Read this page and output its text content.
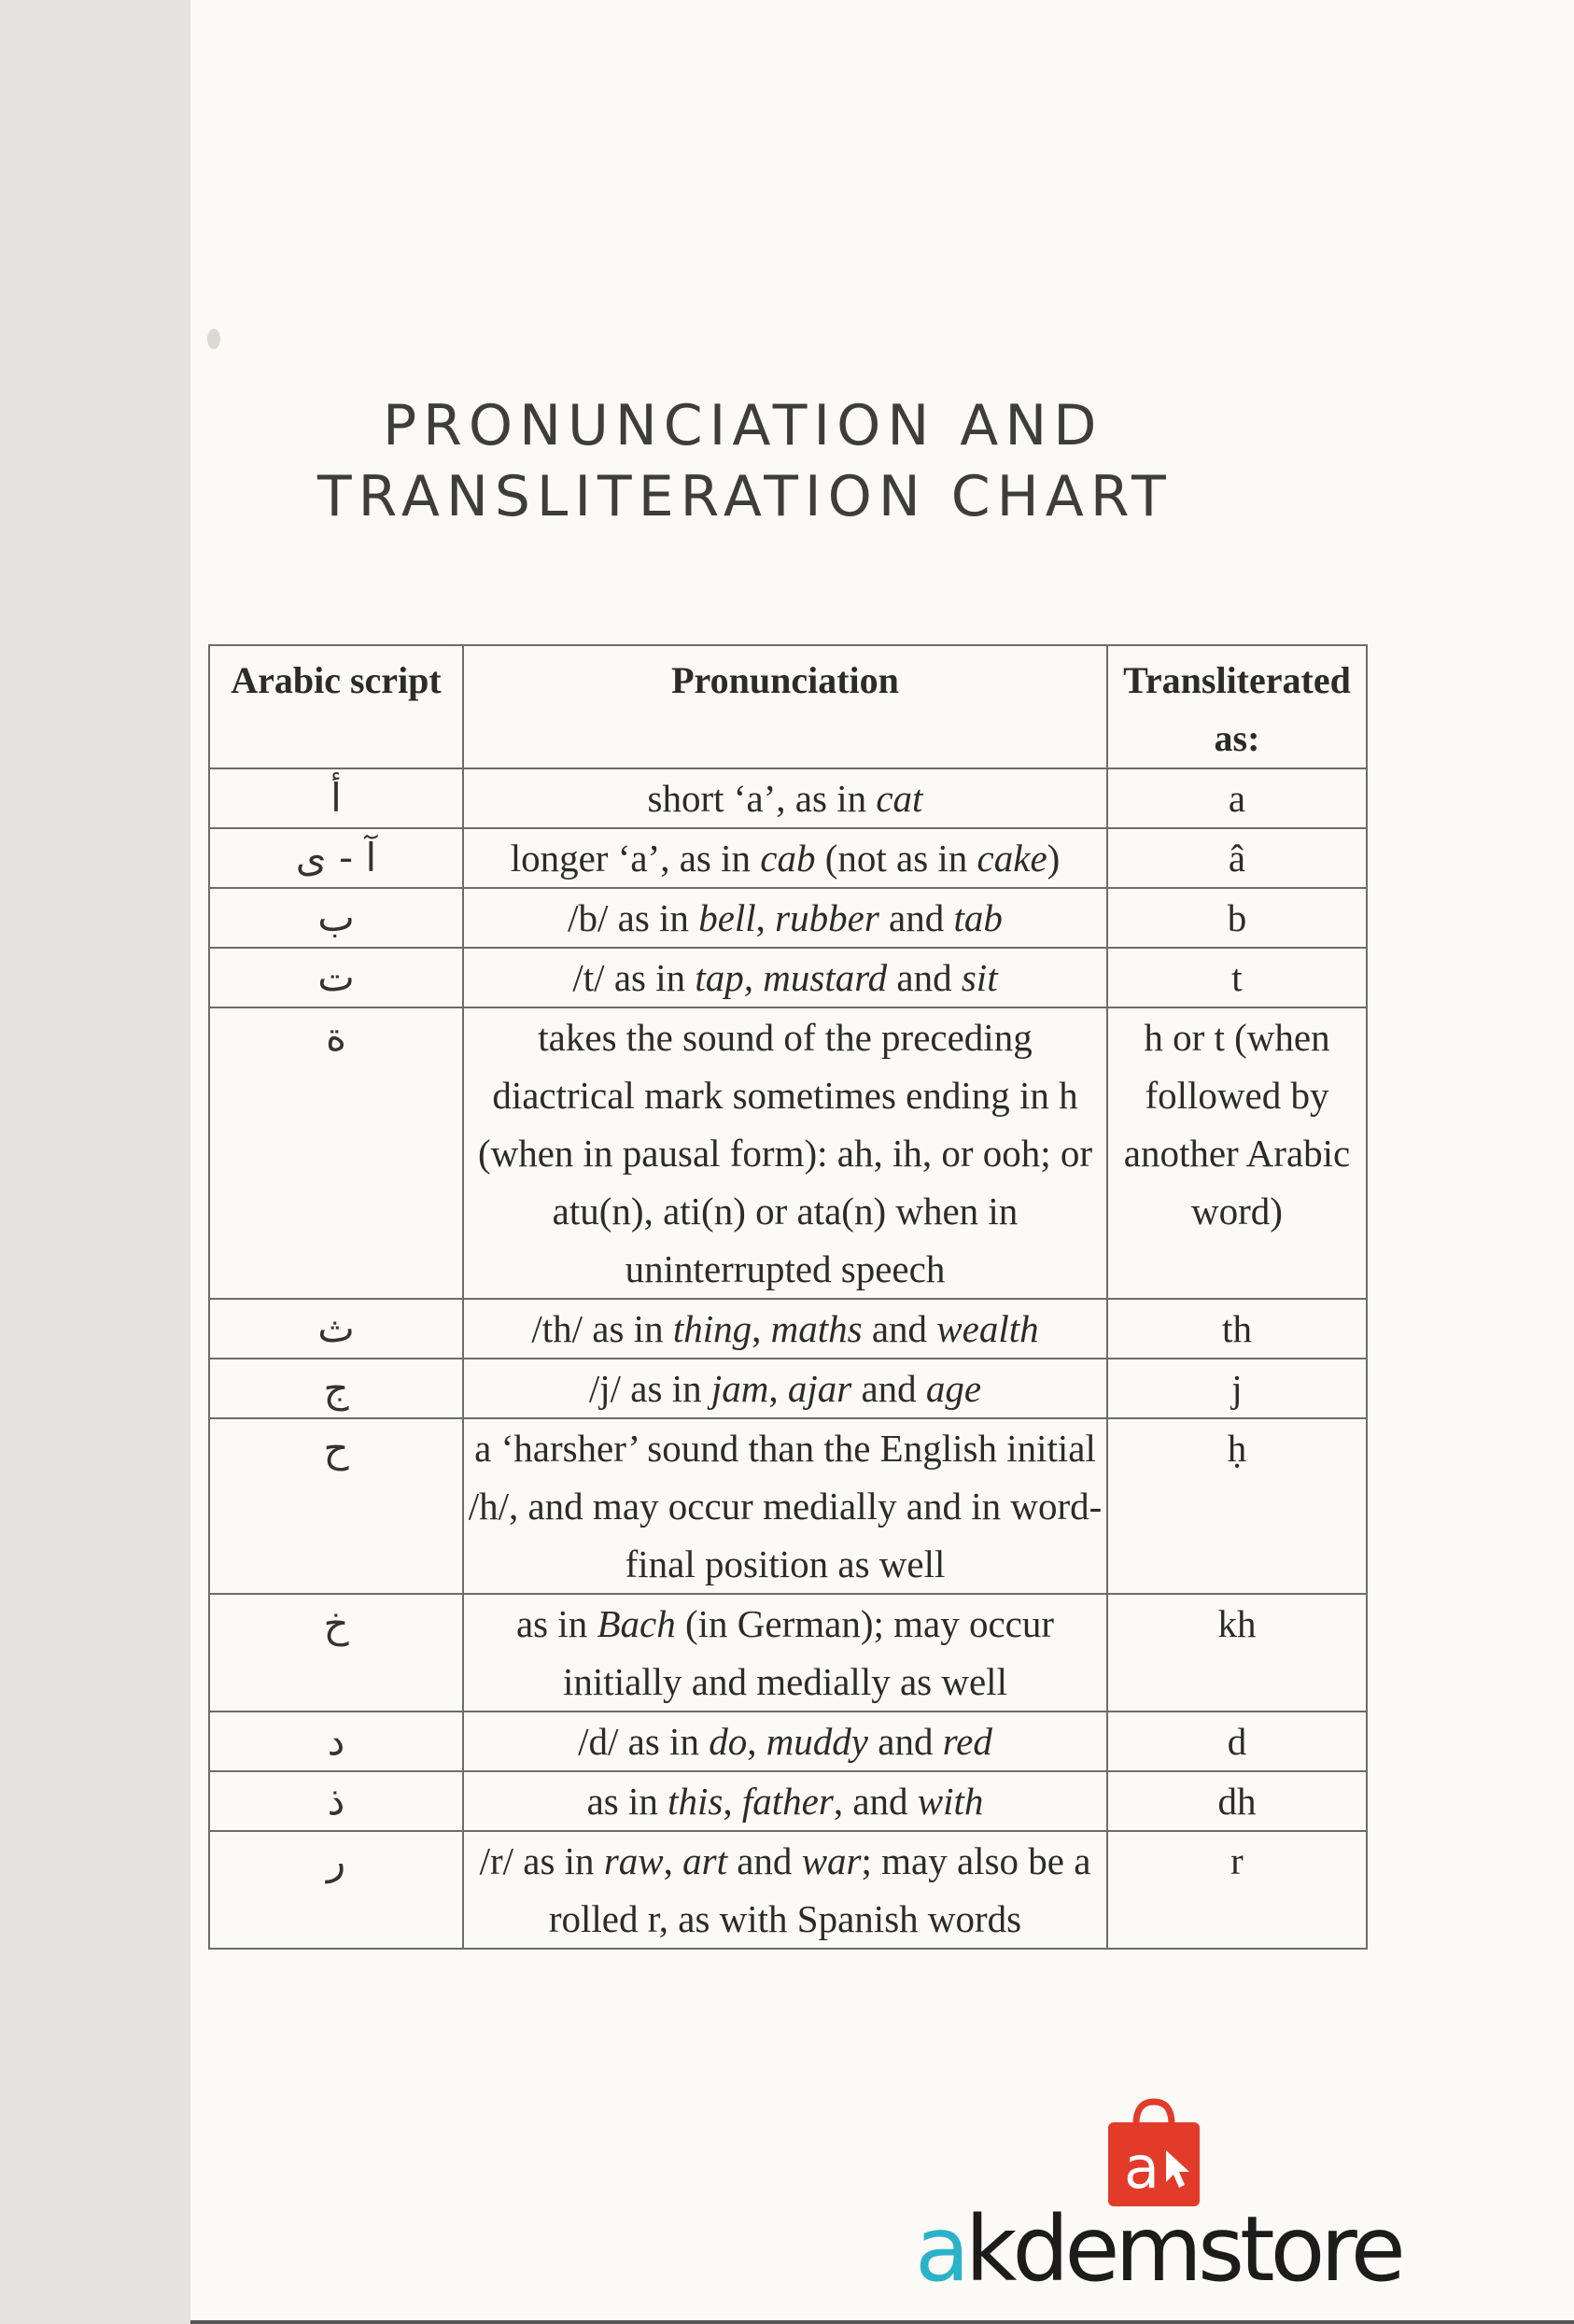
PRONUNCIATION AND
TRANSLITERATION CHART
Arabic script	Pronunciation	Transliterated as:
أ	short ‘a’, as in cat	a
آ - ى	longer ‘a’, as in cab (not as in cake)	â
ب	/b/ as in bell, rubber and tab	b
ت	/t/ as in tap, mustard and sit	t
ة	takes the sound of the preceding diactrical mark sometimes ending in h (when in pausal form): ah, ih, or ooh; or atu(n), ati(n) or ata(n) when in uninterrupted speech	h or t (when followed by another Arabic word)
ث	/th/ as in thing, maths and wealth	th
ج	/j/ as in jam, ajar and age	j
ح	a ‘harsher’ sound than the English initial /h/, and may occur medially and in word-final position as well	ḥ
خ	as in Bach (in German); may occur initially and medially as well	kh
د	/d/ as in do, muddy and red	d
ذ	as in this, father, and with	dh
ر	/r/ as in raw, art and war; may also be a rolled r, as with Spanish words	r
a
akdemstore
